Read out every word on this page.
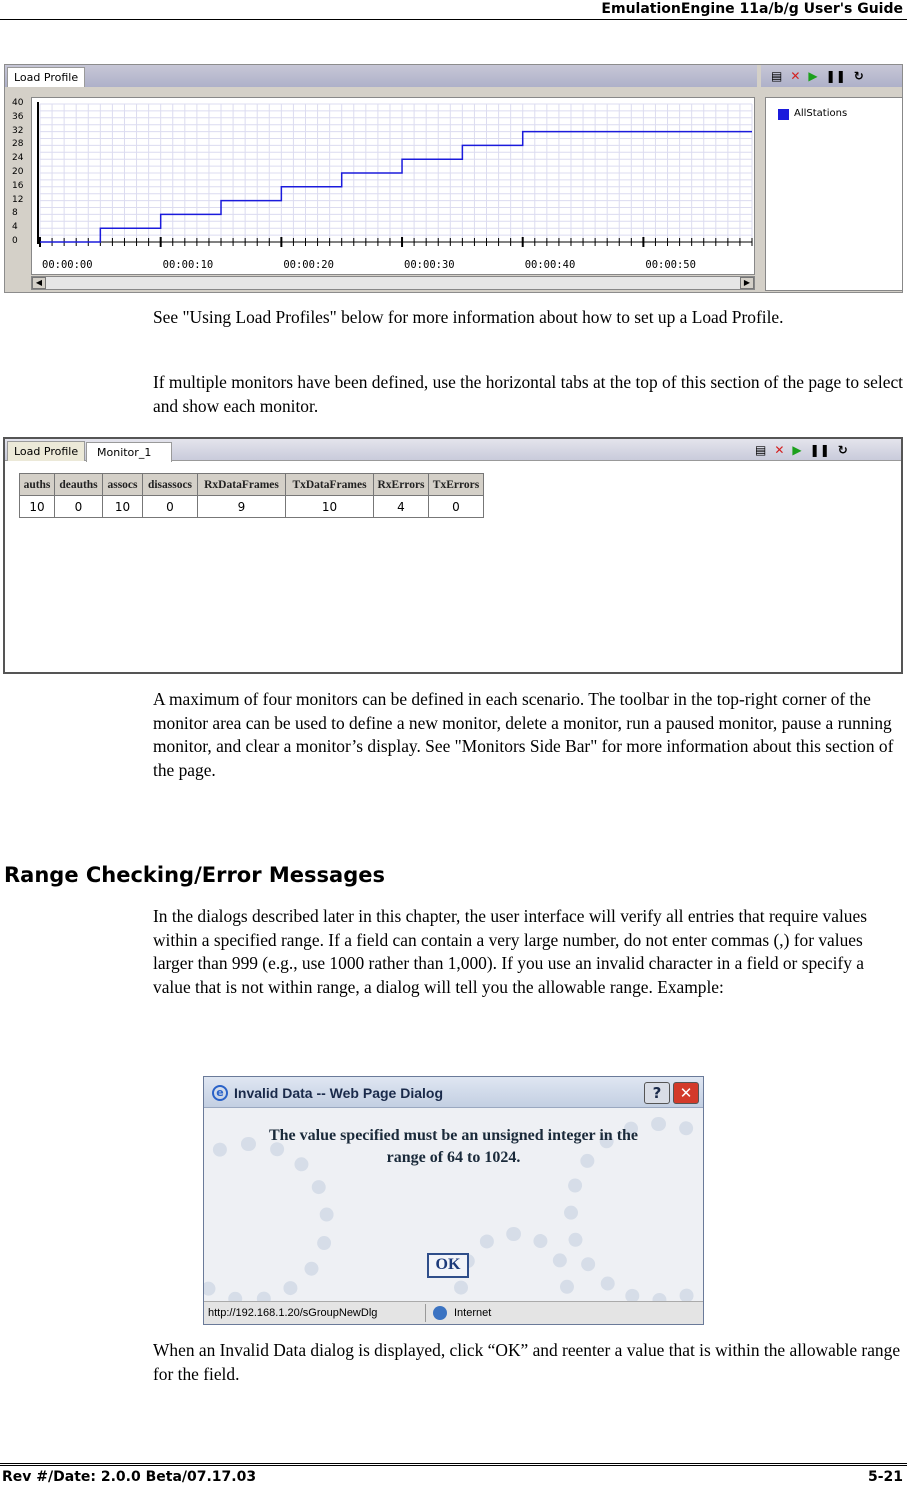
EmulationEngine 11a/b/g User's Guide
Load Profile	▤ ✕ ▶ ❚❚ ↻
00:00:00	00:00:10	00:00:20	00:00:30	00:00:40	00:00:50
◀	▶
AllStations
40
36
32
28
24
20
16
12
8
4
0
See "Using Load Profiles" below for more information about how to set up a Load Profile.
If multiple monitors have been defined, use the horizontal tabs at the top of this section of the page to select and show each monitor.
Load Profile	Monitor_1	▤ ✕ ▶ ❚❚ ↻
auths	deauths	assocs	disassocs	RxDataFrames	TxDataFrames	RxErrors	TxErrors
10	0	10	0	9	10	4	0
A maximum of four monitors can be defined in each scenario. The toolbar in the top-right corner of the monitor area can be used to define a new monitor, delete a monitor, run a paused monitor, pause a running monitor, and clear a monitor’s display. See "Monitors Side Bar" for more information about this section of the page.
Range Checking/Error Messages
In the dialogs described later in this chapter, the user interface will verify all entries that require values within a specified range. If a field can contain a very large number, do not enter commas (,) for values larger than 999 (e.g., use 1000 rather than 1,000). If you use an invalid character in a field or specify a value that is not within range, a dialog will tell you the allowable range. Example:
e Invalid Data -- Web Page Dialog	?	✕
The value specified must be an unsigned integer in the
range of 64 to 1024.
OK
http://192.168.1.20/sGroupNewDlg	Internet
When an Invalid Data dialog is displayed, click “OK” and reenter a value that is within the allowable range for the field.
Rev #/Date: 2.0.0 Beta/07.17.03	5-21
